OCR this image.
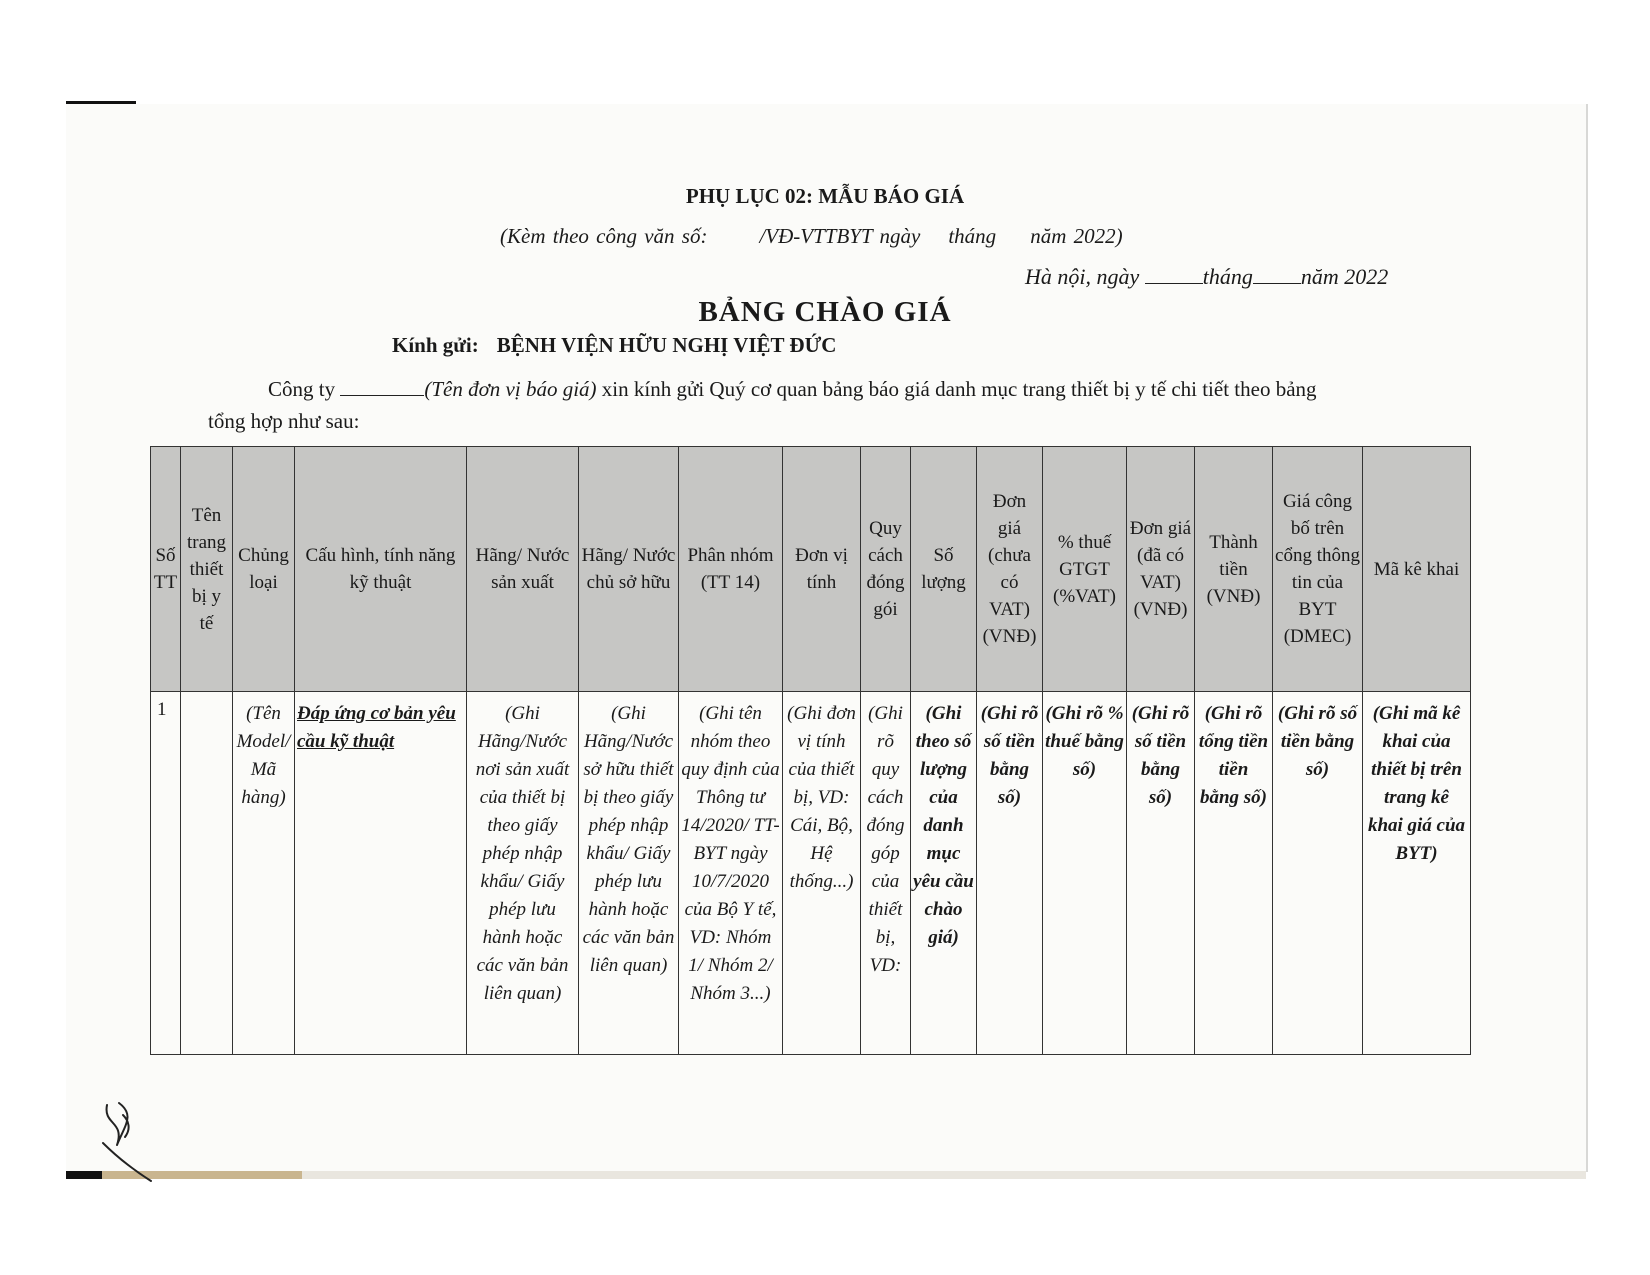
PHỤ LỤC 02: MẪU BÁO GIÁ
(Kèm theo công văn số: /VĐ-VTTBYT ngày tháng năm 2022)
Hà nội, ngày	tháng năm 2022
BẢNG CHÀO GIÁ
Kính gửi: BỆNH VIỆN HỮU NGHỊ VIỆT ĐỨC
Công ty	(Tên đơn vị báo giá) xin kính gửi Quý cơ quan bảng báo giá danh mục trang thiết bị y tế chi tiết theo bảng
tổng hợp như sau:
Số TT	Tên trang thiết bị y tế	Chủng loại	Cấu hình, tính năng kỹ thuật	Hãng/ Nước sản xuất	Hãng/ Nước chủ sở hữu	Phân nhóm (TT 14)	Đơn vị tính	Quy cách đóng gói	Số lượng	Đơn giá (chưa có VAT) (VNĐ)	% thuế GTGT (%VAT)	Đơn giá (đã có VAT) (VNĐ)	Thành tiền (VNĐ)	Giá công bố trên cổng thông tin của BYT (DMEC)	Mã kê khai
1		(Tên Model/ Mã hàng)	Đáp ứng cơ bản yêu cầu kỹ thuật	(Ghi Hãng/Nước nơi sản xuất của thiết bị theo giấy phép nhập khẩu/ Giấy phép lưu hành hoặc các văn bản liên quan)	(Ghi Hãng/Nước sở hữu thiết bị theo giấy phép nhập khẩu/ Giấy phép lưu hành hoặc các văn bản liên quan)	(Ghi tên nhóm theo quy định của Thông tư 14/2020/ TT-BYT ngày 10/7/2020 của Bộ Y tế, VD: Nhóm 1/ Nhóm 2/ Nhóm 3...)	(Ghi đơn vị tính của thiết bị, VD: Cái, Bộ, Hệ thống...)	(Ghi rõ quy cách đóng góp của thiết bị, VD:	(Ghi theo số lượng của danh mục yêu cầu chào giá)	(Ghi rõ số tiền bằng số)	(Ghi rõ % thuế bằng số)	(Ghi rõ số tiền bằng số)	(Ghi rõ tổng tiền tiền bằng số)	(Ghi rõ số tiền bằng số)	(Ghi mã kê khai của thiết bị trên trang kê khai giá của BYT)
